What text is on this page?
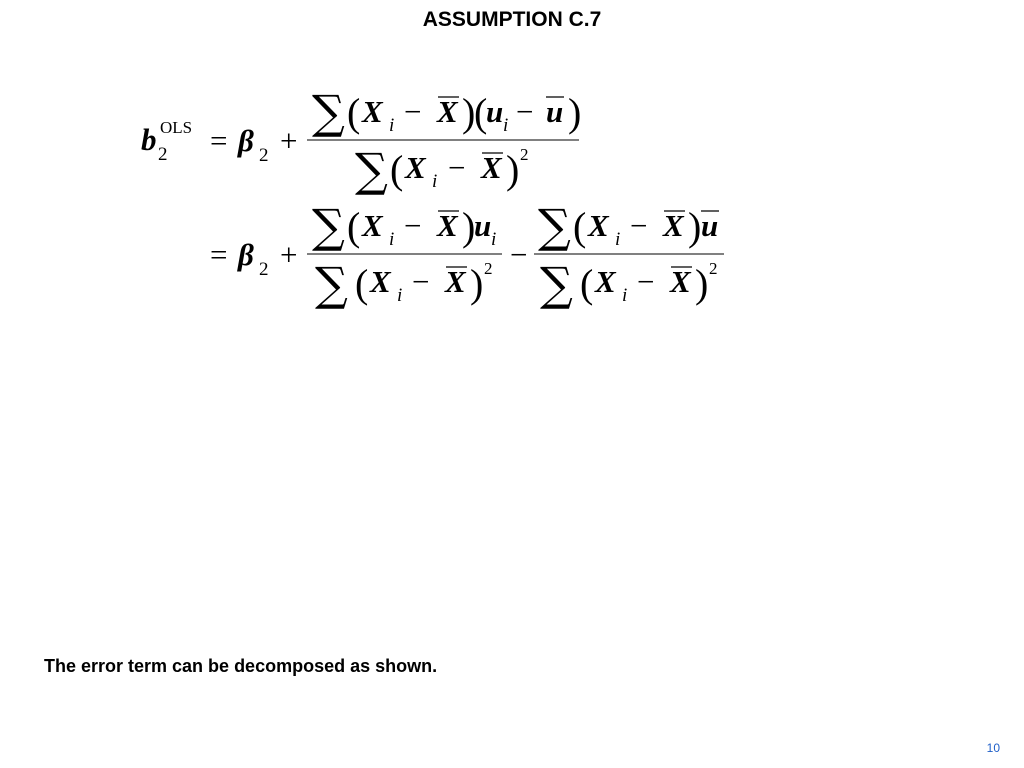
ASSUMPTION C.7
b 2
OLS = β 2 +
∑ ( X i − X )
(
u i − u )
∑ ( X i − X ) 2
= β 2 +
∑ ( X i − X )
u i
∑ ( X i − X ) 2 −
∑ ( X i − X ) u
∑ ( X i − X ) 2
The error term can be decomposed as shown.
10
